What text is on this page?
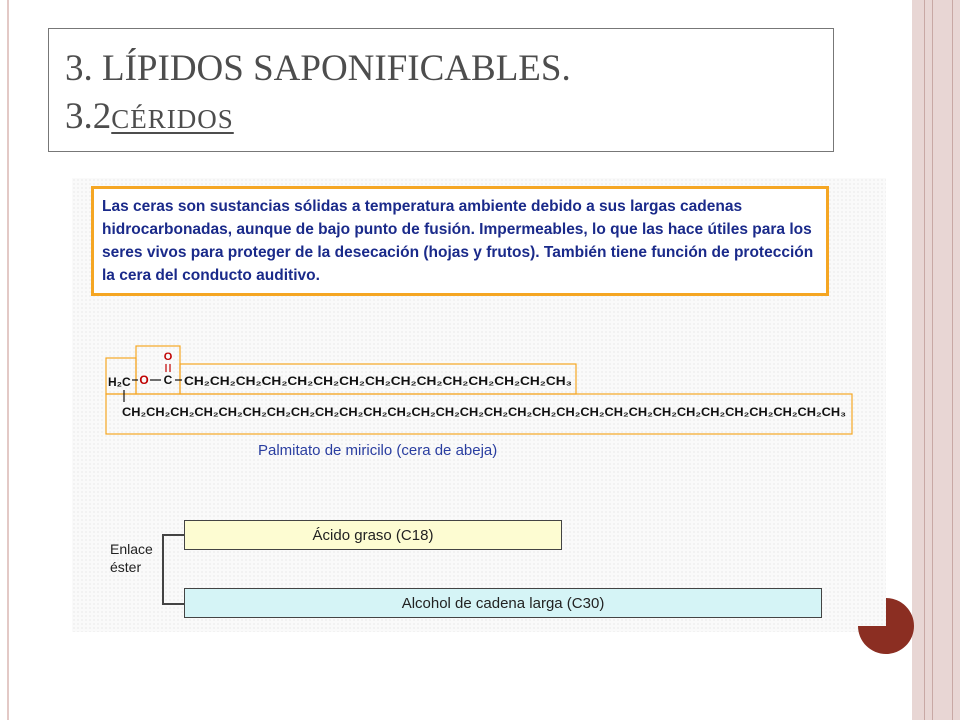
3. LÍPIDOS SAPONIFICABLES.
3.2CÉRIDOS

Las ceras son sustancias sólidas a temperatura ambiente debido a sus largas cadenas hidrocarbonadas, aunque de bajo punto de fusión. Impermeables, lo que las hace útiles para los seres vivos para proteger de la desecación (hojas y frutos). También tiene función de protección la cera del conducto auditivo.

O
C
O
H₂C	CH₂CH₂CH₂CH₂CH₂CH₂CH₂CH₂CH₂CH₂CH₂CH₂CH₂CH₂CH₃
CH₂CH₂CH₂CH₂CH₂CH₂CH₂CH₂CH₂CH₂CH₂CH₂CH₂CH₂CH₂CH₂CH₂CH₂CH₂CH₂CH₂CH₂CH₂CH₂CH₂CH₂CH₂CH₂CH₂CH₃
Palmitato de miricilo (cera de abeja)
Enlace éster
Ácido graso (C18)
Alcohol de cadena larga (C30)
